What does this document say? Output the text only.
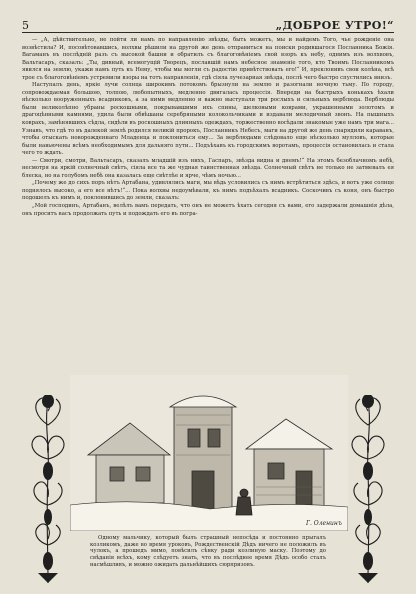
5	„ДОБРОЕ УТРО!“

— „А, дѣйствительно, не пойти ли намъ по направленію звѣзды, быть можетъ, мы и найдемъ Того, чье рожденіе она возвѣстила? И, посовѣтовавшись, волхвы рѣшили на другой же день отправиться на поиски родившагося Посланника Божія. Вагаманъ въ послѣдній разъ съ высокой башни и обратилъ съ благоговѣніемъ свой взоръ къ небу, однимъ изъ волхвовъ, Вальтасаръ, сказалъ: „Ты, дивный, всемогущій Творецъ, пославшій намъ небесное знаменіе того, кто Твоимъ Посланникомъ явился на землю, укажи намъ путь къ Нему, чтобы мы могли съ радостію привѣтствовать его!“ И, преклонивъ свои колѣна, всѣ трое съ благоговѣніемъ устремили взоры на тотъ направленія, гдѣ сіяла лучезарная звѣзда, послѣ чего быстро спустились внизъ.

Наступалъ день, яркіе лучи солнца широкимъ потокомъ брызнули на землю и разогнали ночную тьму. По городу, сопровождаемая большою, толпою, любопытныхъ, медленно двигалась процессія. Впереди на быстрыхъ конькахъ ѣхали нѣсколько вооруженныхъ всадниковъ, а за ними медленно и важно выступали три рослыхъ и сильныхъ верблюда. Верблюды были великолѣпно убраны роскошными, покрывавшими ихъ спины, шелковыми коврами, украшенными золотомъ и драгоцѣнными камнями, удила были обвѣшаны серебряными колокольчиками и издавали мелодичный звонъ. На пышныхъ коврахъ, замѣнявшихъ сѣдла, сидѣли въ роскошныхъ длинныхъ одеждахъ, торжественно восѣдали знакомые уже намъ три мага... Узнавъ, что гдѣ то въ далекой землѣ родился великій пророкъ, Посланникъ Небесъ, маги на другой же день снарядили караванъ, чтобы отыскать новорожденнаго Младенца и поклониться ему... За верблюдами слѣдовало еще нѣсколько мулловъ, которые были навьючены всѣмъ необходимымъ для дальняго пути... Подъѣхавъ къ городскимъ воротамъ, процессія остановилась и стала чего то ждать.

— Смотри, смотри, Вальтасаръ, сказалъ младшій изъ нихъ, Гаспаръ, звѣзда видна и днемъ!“ На этомъ безоблачномъ небѣ, несмотря на яркій солнечный свѣтъ, сіяла все та же чудная таинственная звѣзда. Солнечный свѣтъ не только не затмевалъ ея блеска, но на голубомъ небѣ она казалась еще свѣтлѣе и ярче, чѣмъ ночью...

„Почему же до сихъ поръ нѣтъ Артабана, удивлялись маги, мы вѣдь условились съ нимъ встрѣтиться здѣсь, и вотъ уже солнце поднялось высоко, а его все нѣтъ!“... Пока волхвы недоумѣвали, къ нимъ подъѣхалъ всадникъ. Соскочивъ съ коня, онъ быстро подошелъ къ нимъ и, поклонившись до земли, сказалъ:

„Мой господинъ, Артабанъ, велѣлъ вамъ передать, что онъ не можетъ ѣхать сегодня съ вами, его задержали домашнія дѣла, онъ проситъ васъ продолжать путь и подождать его въ погра-

Г. Оленинъ

Одному мальчику, который былъ страшный непосѣда и постоянно прыгалъ козликомъ, даже во время уроковъ, Рождественскій Дѣдъ ничего не положилъ въ чулокъ, а прошедъ мимо, повѣсилъ сѣнку ради козлиную маску. Поэтому до свѣданія всѣхъ, кому слѣдуетъ знать, что въ послѣднее время Дѣдъ особо сталъ насмѣшливъ, и можно ожидать дальнѣйшихъ сюрпризовъ.
